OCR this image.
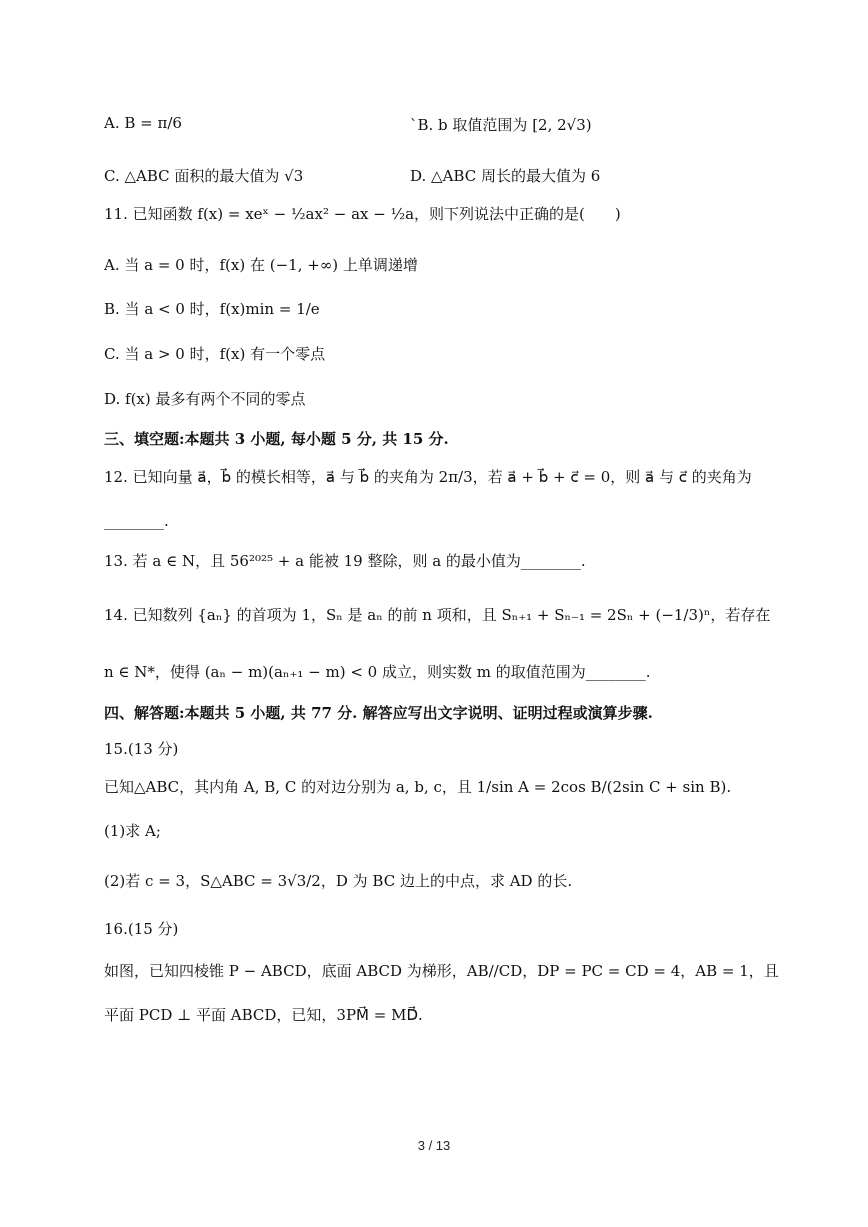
A. B = π/6	`B. b 取值范围为 [2, 2√3)
C. △ABC 面积的最大值为 √3	D. △ABC 周长的最大值为 6
11. 已知函数 f(x) = xeˣ − ½ax² − ax − ½a，则下列说法中正确的是(　　)
A. 当 a = 0 时，f(x) 在 (−1, +∞) 上单调递增
B. 当 a < 0 时，f(x)min = 1/e
C. 当 a > 0 时，f(x) 有一个零点
D. f(x) 最多有两个不同的零点
三、填空题:本题共 3 小题, 每小题 5 分, 共 15 分.
12. 已知向量 a⃗，b⃗ 的模长相等，a⃗ 与 b⃗ 的夹角为 2π/3，若 a⃗ + b⃗ + c⃗ = 0，则 a⃗ 与 c⃗ 的夹角为
________.
13. 若 a ∈ N，且 56²⁰²⁵ + a 能被 19 整除，则 a 的最小值为________.
14. 已知数列 {aₙ} 的首项为 1，Sₙ 是 aₙ 的前 n 项和，且 Sₙ₊₁ + Sₙ₋₁ = 2Sₙ + (−1/3)ⁿ，若存在
n ∈ N*，使得 (aₙ − m)(aₙ₊₁ − m) < 0 成立，则实数 m 的取值范围为________.
四、解答题:本题共 5 小题, 共 77 分. 解答应写出文字说明、证明过程或演算步骤.
15.(13 分)
已知△ABC，其内角 A, B, C 的对边分别为 a, b, c，且 1/sin A = 2cos B/(2sin C + sin B).
(1)求 A;
(2)若 c = 3，S△ABC = 3√3/2，D 为 BC 边上的中点，求 AD 的长.
16.(15 分)
如图，已知四棱锥 P − ABCD，底面 ABCD 为梯形，AB//CD，DP = PC = CD = 4，AB = 1，且
平面 PCD ⊥ 平面 ABCD，已知，3PM⃗ = MD⃗.
3 / 13
